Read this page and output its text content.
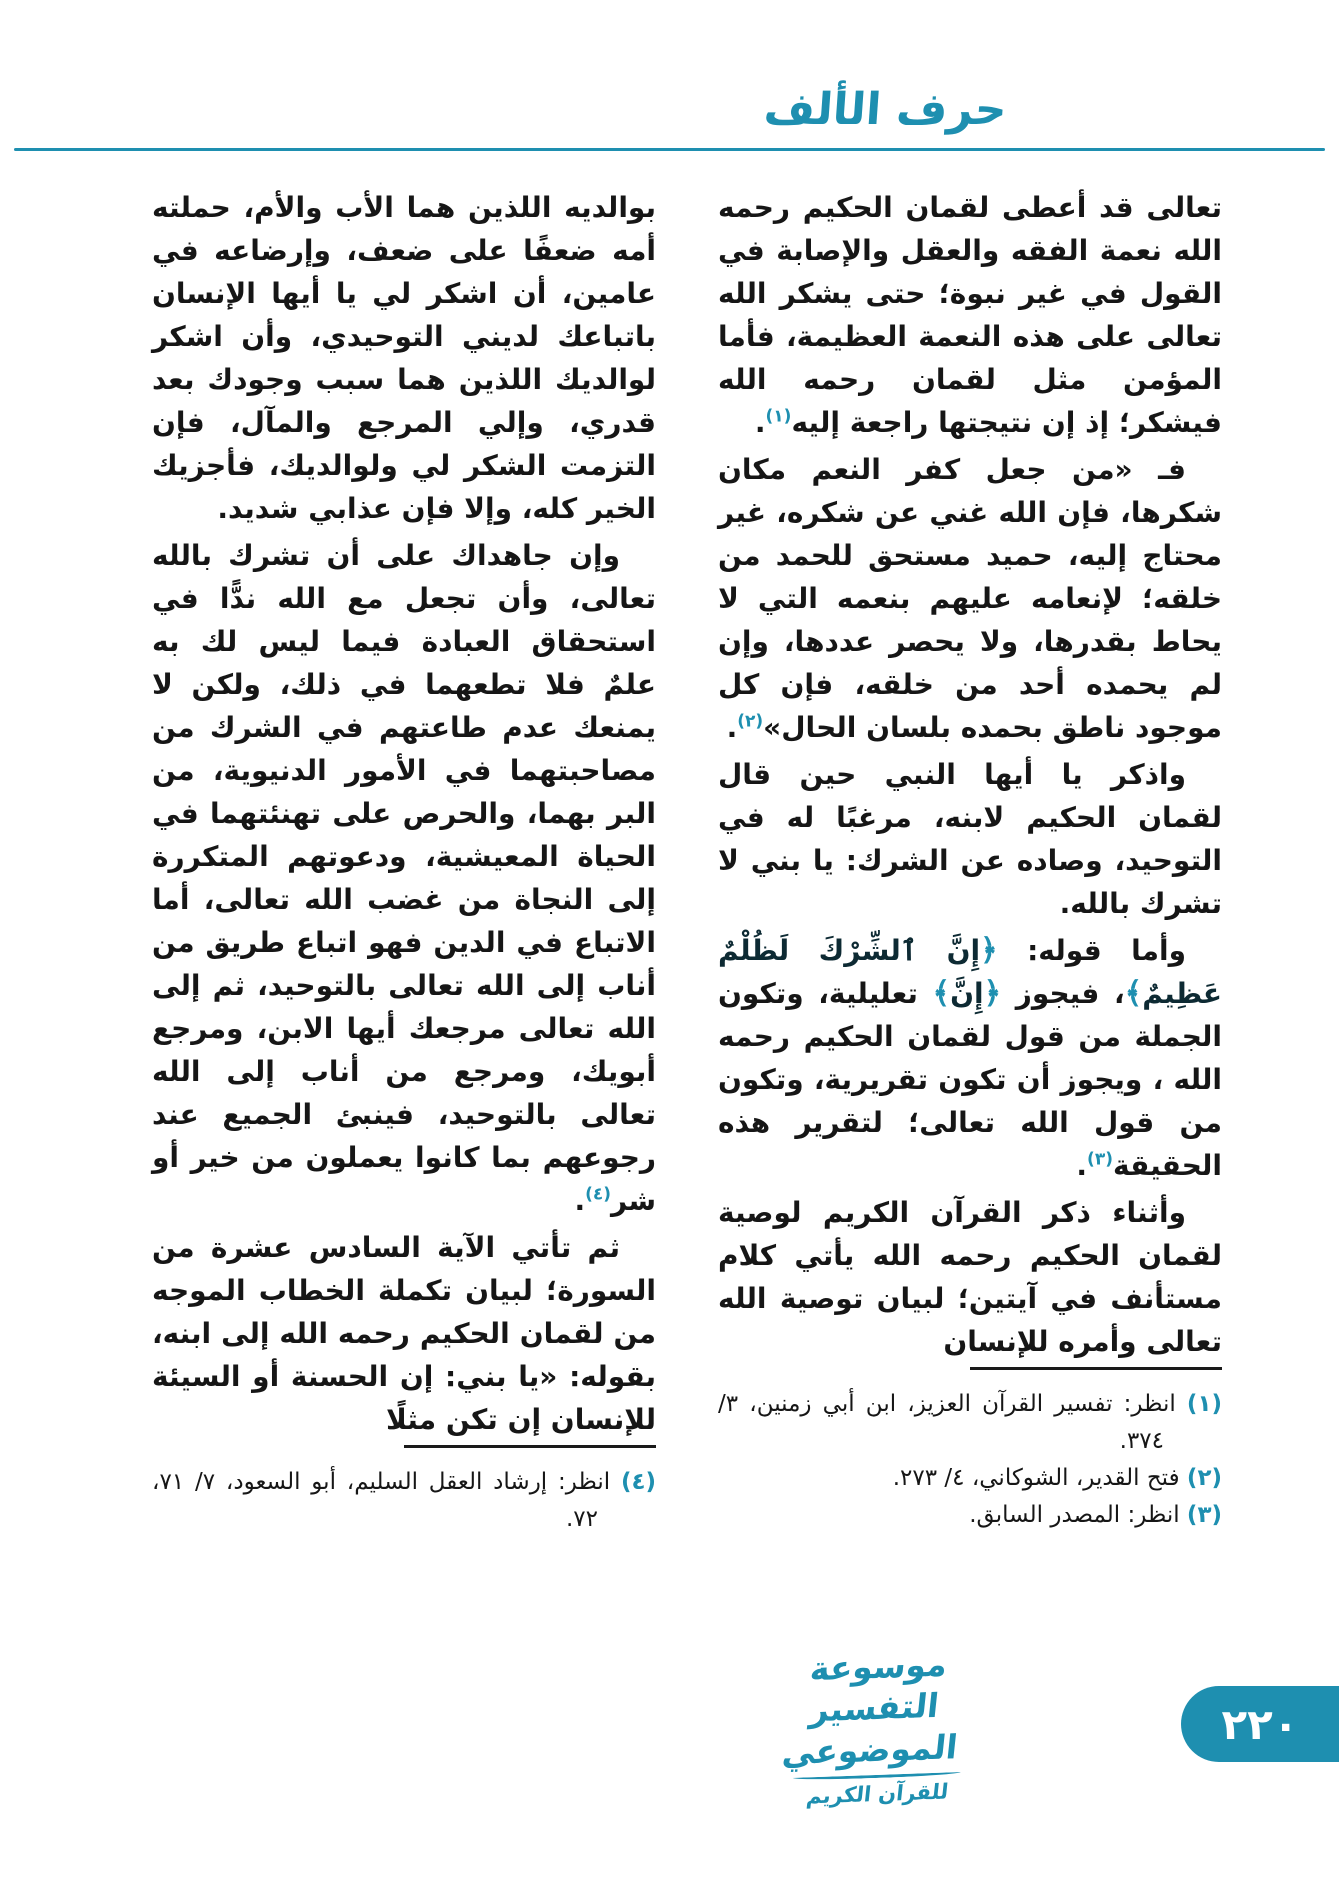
حرف الألف

تعالى قد أعطى لقمان الحكيم رحمه الله نعمة الفقه والعقل والإصابة في القول في غير نبوة؛ حتى يشكر الله تعالى على هذه النعمة العظيمة، فأما المؤمن مثل لقمان رحمه الله فيشكر؛ إذ إن نتيجتها راجعة إليه$^{(١)}$.

فـ «من جعل كفر النعم مكان شكرها، فإن الله غني عن شكره، غير محتاج إليه، حميد مستحق للحمد من خلقه؛ لإنعامه عليهم بنعمه التي لا يحاط بقدرها، ولا يحصر عددها، وإن لم يحمده أحد من خلقه، فإن كل موجود ناطق بحمده بلسان الحال»$^{(٢)}$.

واذكر يا أيها النبي حين قال لقمان الحكيم لابنه، مرغبًا له في التوحيد، وصاده عن الشرك: يا بني لا تشرك بالله.

وأما قوله: ﴿إِنَّ ٱلشِّرْكَ لَظُلْمٌ عَظِيمٌ﴾، فيجوز ﴿إِنَّ﴾ تعليلية، وتكون الجملة من قول لقمان الحكيم رحمه الله ، ويجوز أن تكون تقريرية، وتكون من قول الله تعالى؛ لتقرير هذه الحقيقة$^{(٣)}$.

وأثناء ذكر القرآن الكريم لوصية لقمان الحكيم رحمه الله يأتي كلام مستأنف في آيتين؛ لبيان توصية الله تعالى وأمره للإنسان

(١) انظر: تفسير القرآن العزيز، ابن أبي زمنين، ٣/ ٣٧٤.
(٢) فتح القدير، الشوكاني، ٤/ ٢٧٣.
(٣) انظر: المصدر السابق.

بوالديه اللذين هما الأب والأم، حملته أمه ضعفًا على ضعف، وإرضاعه في عامين، أن اشكر لي يا أيها الإنسان باتباعك لديني التوحيدي، وأن اشكر لوالديك اللذين هما سبب وجودك بعد قدري، وإلي المرجع والمآل، فإن التزمت الشكر لي ولوالديك، فأجزيك الخير كله، وإلا فإن عذابي شديد.

وإن جاهداك على أن تشرك بالله تعالى، وأن تجعل مع الله ندًّا في استحقاق العبادة فيما ليس لك به علمٌ فلا تطعهما في ذلك، ولكن لا يمنعك عدم طاعتهم في الشرك من مصاحبتهما في الأمور الدنيوية، من البر بهما، والحرص على تهنئتهما في الحياة المعيشية، ودعوتهم المتكررة إلى النجاة من غضب الله تعالى، أما الاتباع في الدين فهو اتباع طريق من أناب إلى الله تعالى بالتوحيد، ثم إلى الله تعالى مرجعك أيها الابن، ومرجع أبويك، ومرجع من أناب إلى الله تعالى بالتوحيد، فينبئ الجميع عند رجوعهم بما كانوا يعملون من خير أو شر$^{(٤)}$.

ثم تأتي الآية السادس عشرة من السورة؛ لبيان تكملة الخطاب الموجه من لقمان الحكيم رحمه الله إلى ابنه، بقوله: «يا بني: إن الحسنة أو السيئة للإنسان إن تكن مثلًا

(٤) انظر: إرشاد العقل السليم، أبو السعود، ٧/ ٧١، ٧٢.
موسوعة التفسير الموضوعي
للقرآن الكريم
٢٢٠
